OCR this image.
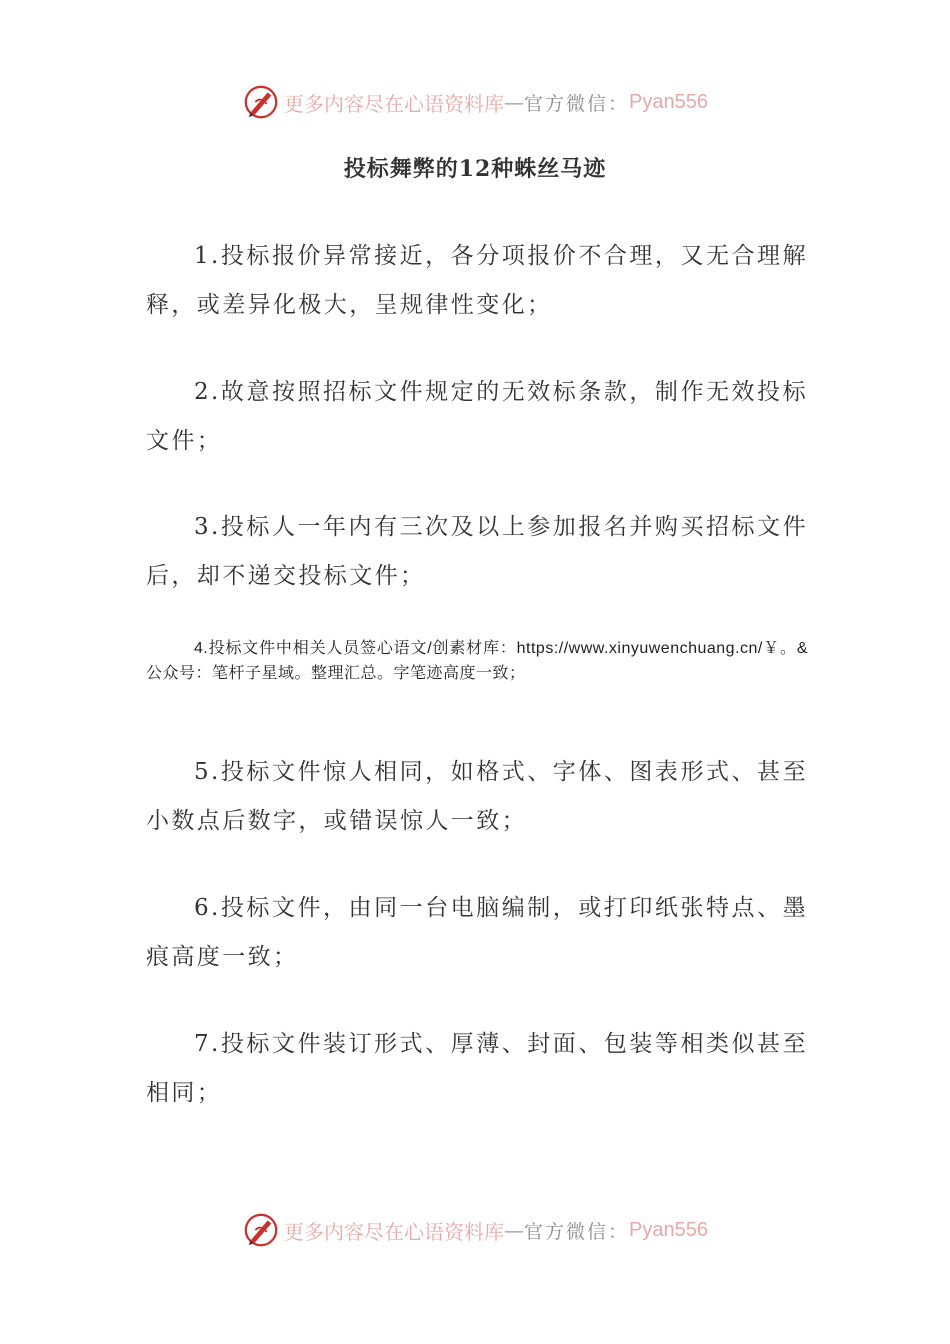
更多内容尽在心语资料库 — 官方微信： Pyan556
投标舞弊的12种蛛丝马迹

1.投标报价异常接近，各分项报价不合理，又无合理解释，或差异化极大，呈规律性变化；

2.故意按照招标文件规定的无效标条款，制作无效投标文件；

3.投标人一年内有三次及以上参加报名并购买招标文件后，却不递交投标文件；

4.投标文件中相关人员签心语文/创素材库：https://www.xinyuwenchuang.cn/￥。&公众号：笔杆子星域。整理汇总。字笔迹高度一致；

5.投标文件惊人相同，如格式、字体、图表形式、甚至小数点后数字，或错误惊人一致；

6.投标文件，由同一台电脑编制，或打印纸张特点、墨痕高度一致；

7.投标文件装订形式、厚薄、封面、包装等相类似甚至相同；

更多内容尽在心语资料库 — 官方微信： Pyan556
